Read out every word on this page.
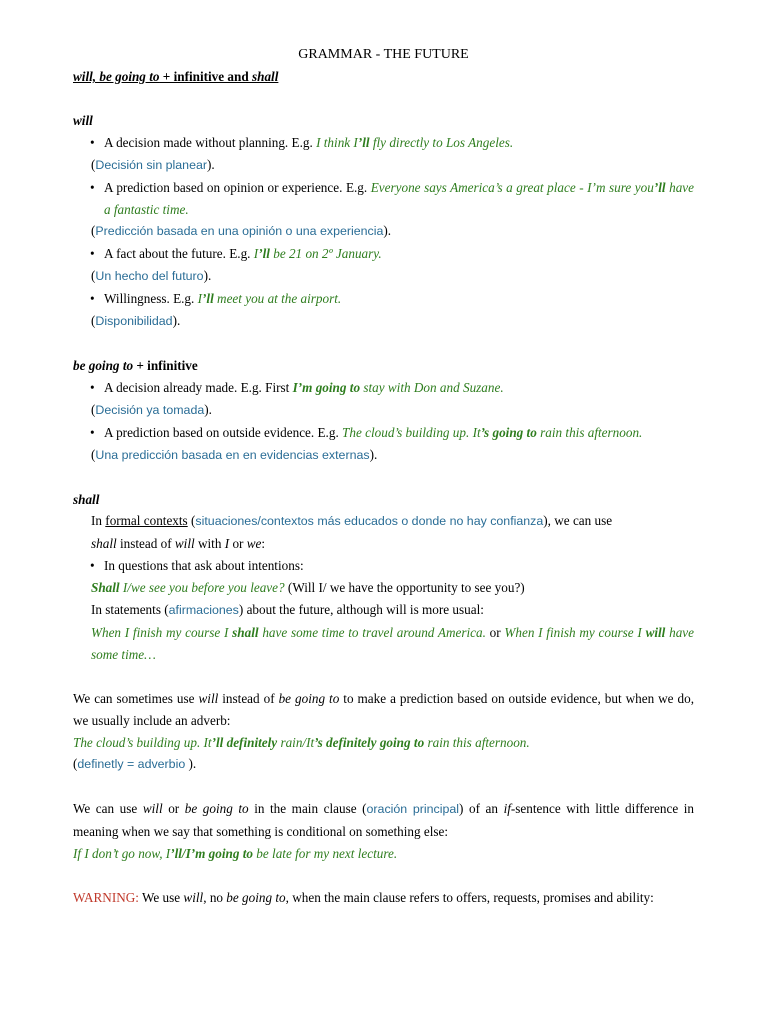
GRAMMAR - THE FUTURE

will, be going to + infinitive and shall

will

• A decision made without planning. E.g. I think I’ll fly directly to Los Angeles.

(Decisión sin planear).

• A prediction based on opinion or experience. E.g. Everyone says America’s a great place - I’m sure you’ll have a fantastic time.

(Predicción basada en una opinión o una experiencia).

• A fact about the future. E.g. I’ll be 21 on 2º January.

(Un hecho del futuro).

• Willingness. E.g. I’ll meet you at the airport.

(Disponibilidad).

be going to + infinitive

• A decision already made. E.g. First I’m going to stay with Don and Suzane.

(Decisión ya tomada).

• A prediction based on outside evidence. E.g. The cloud’s building up. It’s going to rain this afternoon.

(Una predicción basada en en evidencias externas).

shall

In formal contexts (situaciones/contextos más educados o donde no hay confianza), we can use

shall instead of will with I or we:

• In questions that ask about intentions:

Shall I/we see you before you leave? (Will I/ we have the opportunity to see you?)

In statements (afirmaciones) about the future, although will is more usual:

When I finish my course I shall have some time to travel around America. or When I finish my course I will have some time…

We can sometimes use will instead of be going to to make a prediction based on outside evidence, but when we do, we usually include an adverb:

The cloud’s building up. It’ll definitely rain/It’s definitely going to rain this afternoon.

(definetly = adverbio ).

We can use will or be going to in the main clause (oración principal) of an if-sentence with little difference in meaning when we say that something is conditional on something else:

If I don’t go now, I’ll/I’m going to be late for my next lecture.

WARNING: We use will, no be going to, when the main clause refers to offers, requests, promises and ability:
